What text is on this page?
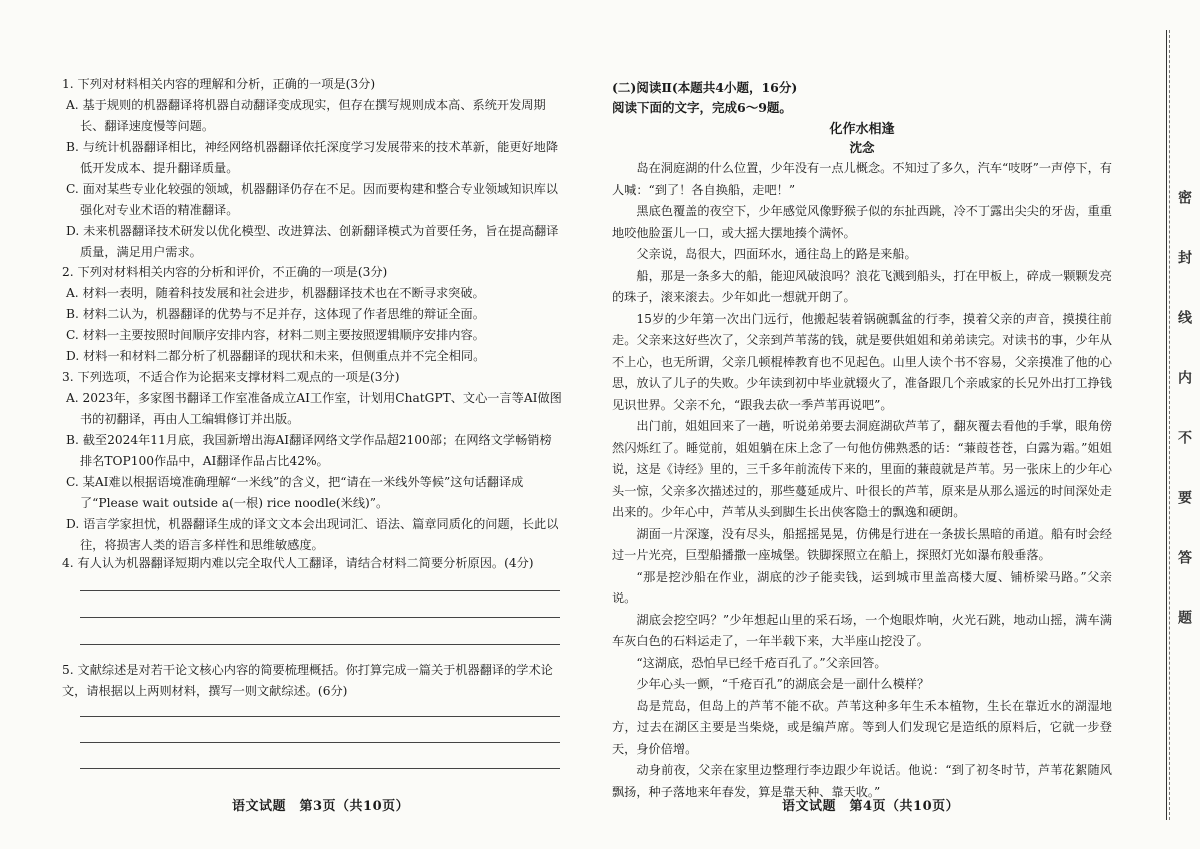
1. 下列对材料相关内容的理解和分析，正确的一项是(3分)
A. 基于规则的机器翻译将机器自动翻译变成现实，但存在撰写规则成本高、系统开发周期长、翻译速度慢等问题。
B. 与统计机器翻译相比，神经网络机器翻译依托深度学习发展带来的技术革新，能更好地降低开发成本、提升翻译质量。
C. 面对某些专业化较强的领域，机器翻译仍存在不足。因而要构建和整合专业领域知识库以强化对专业术语的精准翻译。
D. 未来机器翻译技术研发以优化模型、改进算法、创新翻译模式为首要任务，旨在提高翻译质量，满足用户需求。
2. 下列对材料相关内容的分析和评价，不正确的一项是(3分)
A. 材料一表明，随着科技发展和社会进步，机器翻译技术也在不断寻求突破。
B. 材料二认为，机器翻译的优势与不足并存，这体现了作者思维的辩证全面。
C. 材料一主要按照时间顺序安排内容，材料二则主要按照逻辑顺序安排内容。
D. 材料一和材料二都分析了机器翻译的现状和未来，但侧重点并不完全相同。
3. 下列选项，不适合作为论据来支撑材料二观点的一项是(3分)
A. 2023年，多家图书翻译工作室准备成立AI工作室，计划用ChatGPT、文心一言等AI做图书的初翻译，再由人工编辑修订并出版。
B. 截至2024年11月底，我国新增出海AI翻译网络文学作品超2100部；在网络文学畅销榜排名TOP100作品中，AI翻译作品占比42%。
C. 某AI难以根据语境准确理解“一米线”的含义，把“请在一米线外等候”这句话翻译成了“Please wait outside a(一根) rice noodle(米线)”。
D. 语言学家担忧，机器翻译生成的译文文本会出现词汇、语法、篇章同质化的问题，长此以往，将损害人类的语言多样性和思维敏感度。
4. 有人认为机器翻译短期内难以完全取代人工翻译，请结合材料二简要分析原因。(4分)
5. 文献综述是对若干论文核心内容的简要梳理概括。你打算完成一篇关于机器翻译的学术论文，请根据以上两则材料，撰写一则文献综述。(6分)
语文试题　第3页（共10页）
(二)阅读Ⅱ(本题共4小题，16分)
阅读下面的文字，完成6～9题。
化作水相逢
沈念

岛在洞庭湖的什么位置，少年没有一点儿概念。不知过了多久，汽车“吱呀”一声停下，有人喊：“到了！各自换船，走吧！”

黑底色覆盖的夜空下，少年感觉风像野猴子似的东扯西跳，冷不丁露出尖尖的牙齿，重重地咬他脸蛋儿一口，或大摇大摆地揍个满怀。

父亲说，岛很大，四面环水，通往岛上的路是来船。

船，那是一条多大的船，能迎风破浪吗？浪花飞溅到船头，打在甲板上，碎成一颗颗发亮的珠子，滚来滚去。少年如此一想就开朗了。

15岁的少年第一次出门远行，他搬起装着锅碗瓢盆的行李，摸着父亲的声音，摸摸往前走。父亲来这好些次了，父亲到芦苇荡的钱，就是要供姐姐和弟弟读完。对读书的事，少年从不上心，也无所谓，父亲几顿棍棒教育也不见起色。山里人读个书不容易，父亲摸准了他的心思，放认了儿子的失败。少年读到初中毕业就辍火了，准备跟几个亲戚家的长兄外出打工挣钱见识世界。父亲不允，“跟我去砍一季芦苇再说吧”。

出门前，姐姐回来了一趟，听说弟弟要去洞庭湖砍芦苇了，翻灰覆去看他的手掌，眼角傍然闪烁红了。睡觉前，姐姐躺在床上念了一句他仿佛熟悉的话：“蒹葭苍苍，白露为霜。”姐姐说，这是《诗经》里的，三千多年前流传下来的，里面的蒹葭就是芦苇。另一张床上的少年心头一惊，父亲多次描述过的，那些蔓延成片、叶很长的芦苇，原来是从那么遥远的时间深处走出来的。少年心中，芦苇从头到脚生长出侠客隐士的飘逸和硬朗。

湖面一片深邃，没有尽头，船摇摇晃晃，仿佛是行进在一条拔长黑暗的甬道。船有时会经过一片光亮，巨型船播撒一座城堡。铁脚探照立在船上，探照灯光如瀑布般垂落。

“那是挖沙船在作业，湖底的沙子能卖钱，运到城市里盖高楼大厦、铺桥梁马路。”父亲说。

湖底会挖空吗？”少年想起山里的采石场，一个炮眼炸响，火光石跳，地动山摇，满车满车灰白色的石料运走了，一年半载下来，大半座山挖没了。

“这湖底，恐怕早已经千疮百孔了。”父亲回答。

少年心头一颤，“千疮百孔”的湖底会是一副什么模样？

岛是荒岛，但岛上的芦苇不能不砍。芦苇这种多年生禾本植物，生长在靠近水的湖湿地方，过去在湖区主要是当柴烧，或是编芦席。等到人们发现它是造纸的原料后，它就一步登天，身价倍增。

动身前夜，父亲在家里边整理行李边跟少年说话。他说：“到了初冬时节，芦苇花絮随风飘扬，种子落地来年春发，算是靠天种、靠天收。”

语文试题　第4页（共10页）
密封线内不要答题
